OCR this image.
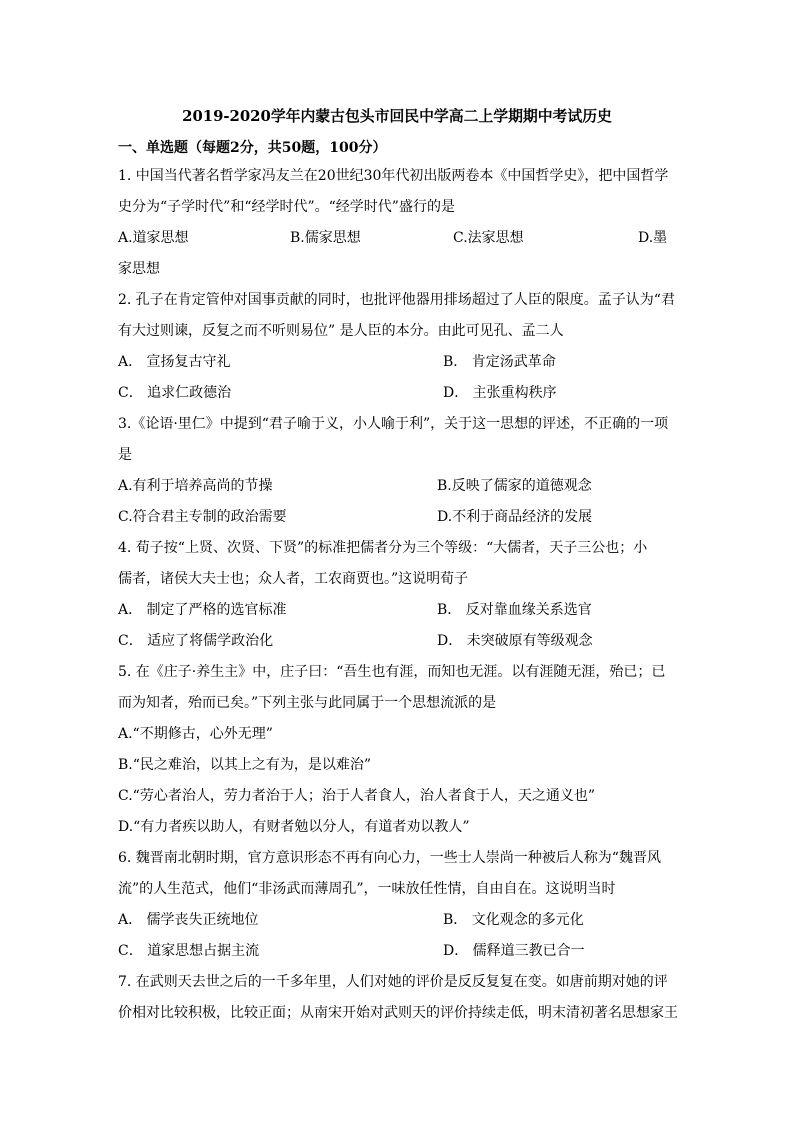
2019-2020学年内蒙古包头市回民中学高二上学期期中考试历史
一、单选题（每题2分，共50题，100分）
1. 中国当代著名哲学家冯友兰在20世纪30年代初出版两卷本《中国哲学史》，把中国哲学
史分为“子学时代”和“经学时代”。“经学时代”盛行的是
A.道家思想	B.儒家思想	C.法家思想	D.墨
家思想
2. 孔子在肯定管仲对国事贡献的同时，也批评他器用排场超过了人臣的限度。孟子认为“君
有大过则谏，反复之而不听则易位” 是人臣的本分。由此可见孔、孟二人
A． 宣扬复古守礼	B． 肯定汤武革命
C． 追求仁政德治	D． 主张重构秩序
3.《论语·里仁》中提到“君子喻于义，小人喻于利”，关于这一思想的评述，不正确的一项
是
A.有利于培养高尚的节操	B.反映了儒家的道德观念
C.符合君主专制的政治需要	D.不利于商品经济的发展
4. 荀子按“上贤、次贤、下贤”的标准把儒者分为三个等级：“大儒者，天子三公也；小
儒者，诸侯大夫士也；众人者，工农商贾也。”这说明荀子
A． 制定了严格的选官标准	B． 反对靠血缘关系选官
C． 适应了将儒学政治化	D． 未突破原有等级观念
5. 在《庄子·养生主》中，庄子曰：“吾生也有涯，而知也无涯。以有涯随无涯，殆已；已
而为知者，殆而已矣。”下列主张与此同属于一个思想流派的是
A.“不期修古，心外无理”
B.“民之难治，以其上之有为，是以难治”
C.“劳心者治人，劳力者治于人；治于人者食人，治人者食于人，天之通义也”
D.“有力者疾以助人，有财者勉以分人，有道者劝以教人”
6. 魏晋南北朝时期，官方意识形态不再有向心力，一些士人崇尚一种被后人称为“魏晋风
流”的人生范式，他们“非汤武而薄周孔”，一味放任性情，自由自在。这说明当时
A． 儒学丧失正统地位	B． 文化观念的多元化
C． 道家思想占据主流	D． 儒释道三教已合一
7. 在武则天去世之后的一千多年里，人们对她的评价是反反复复在变。如唐前期对她的评
价相对比较积极，比较正面；从南宋开始对武则天的评价持续走低，明末清初著名思想家王
